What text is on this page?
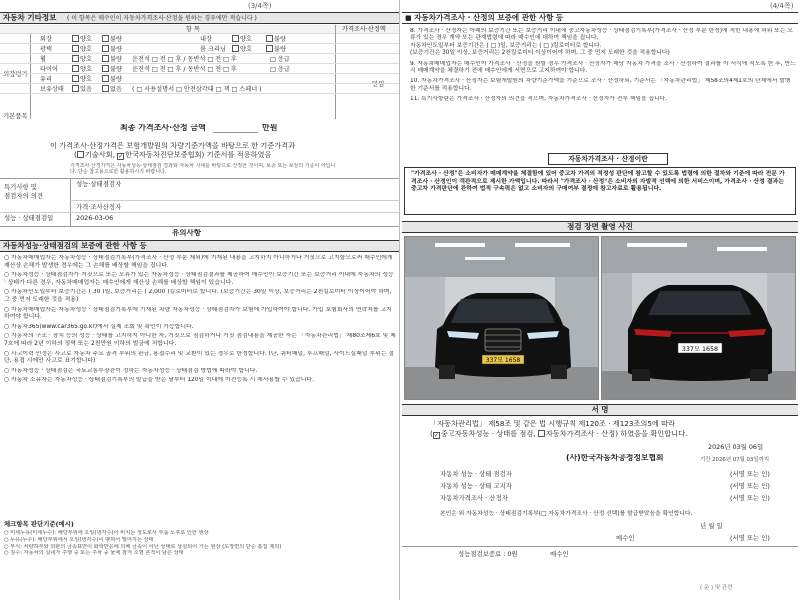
(3/4쪽)
자동차 기타정보 ( 이 항목은 매수인이 자동차가격조사·산정을 원하는 경우에만 적습니다 )
항 목	가격조사·산정액
외장평가
기본품목
만원
외장	양호	불량	내장	양호	불량
광택	양호	불량	룸 크리닝	양호	불량
휠	양호	불량 운전석 □ 전 □ 후 / 동반석 □ 전 □ 후	□ 응급
타이어	양호	불량 운전석 □ 전 □ 후 / 동반석 □ 전 □ 후	□ 응급
유리	양호	불량
보유상태	있음	없음 ( □ 사용설명서 □ 안전삼각대 □ 잭 □ 스페너 )
최종 가격조사·산정 금액	만원
이 가격조사·산정가격은 보험개발원의 차량기준가액을 바탕으로 한 기준가격과
( 기술사회, ✓ 한국자동차진단보증협회) 기준서를 적용하였음
가격조사·산정가격은 자동차성능·상태점검 결과와 자동차 시세를 바탕으로 산정한 것이며, 보증 또는 보상의 기준이 아닙니다. 단순 참고용으로만 활용하시기 바랍니다.
특기사항 및
점검자의 의견
성능·상태점검자
가격·조사산정자
성능 · 상태점검일	2026-03-06
유의사항
자동차성능·상태점검의 보증에 관한 사항 등

○ 자동차매매업자는 자동차성능 · 상태점검기록부(가격조사 · 산정 부분 제외)에 기재된 내용을 고지하지 아니하거나 거짓으로 고지함으로써 매수인에게 재산상 손해가 발생한 경우에는 그 손해를 배상할 책임을 집니다.

○ 자동차성능 · 상태점검자가 거짓으로 또는 오류가 있는 자동차성능 · 상태점검결과를 제공하여 매수인이 보증기간 또는 보증거리 이내에 자동차의 성능 · 상태가 다른 경우, 자동차매매업자는 매수인에게 재산상 손해를 배상할 책임이 있습니다.

○ 자동차인도일부터 보증기간은 ( 30 )일, 보증거리는 ( 2,000 )킬로미터로 합니다. (보증기간은 30일 이상, 보증거리는 2천킬로미터 이상이어야 하며, 그 중 먼저 도래한 것을 적용)

○ 자동차매매업자는 자동차성능 · 상태점검기록부에 기재된 차량 자동차성능 · 상태점검자가 보험에 가입하여야 합니다. 가입 보험회사의 연락처를 고지하여야 합니다.

○ 자동차365(www.car365.go.kr)에서 실제 조회 및 확인이 가능합니다.

○ 자동차의 구조 · 장치 등의 성능 · 상태를 고지하지 아니한 자, 거짓으로 점검하거나 거짓 점검내용을 제공한 자는 「자동차관리법」 제80조제6호 및 제7호에 따라 2년 이하의 징역 또는 2천만원 이하의 벌금에 처합니다.

○ 사고이력 인정은 사고로 자동차 주요 골격 부위의 판금, 용접수리 및 교환이 있는 경우로 한정합니다. (단, 쿼터패널, 루프패널, 사이드실패널 부위는 절단, 용접 시에만 사고로 표기합니다)

○ 자동차성능 · 상태점검은 국토교통부장관이 정하는 자동차성능 · 상태점검 방법에 따라야 합니다.

○ 자동차 소유자는 자동차성능 · 상태점검기록부의 발급을 받은 날부터 120일 이내에 이전등록 시 재사용할 수 있습니다.

체크항목 판단기준(예시)

○ 미세누유(미세누수): 해당부위에 오일(냉각수)이 비치는 정도로서 부품 노후로 인한 현상

○ 누유(누수): 해당부위에서 오일(냉각수)이 맺혀서 떨어지는 상태

○ 부식: 차량하부와 외판의 금속표면이 화학반응에 의해 금속이 아닌 상태로 상실되어 가는 현상 (도장면의 단순 흠집 제외)

○ 침수: 자동차의 실내가 주행 중 또는 주차 중 물에 잠겨 오염 흔적이 남은 상태

(4/4쪽)
■ 자동차가격조사 · 산정의 보증에 관한 사항 등

8. 가격조사 · 산정자는 아래의 보증기간 또는 보증거리 이내에 중고자동차성능 · 상태점검기록부(가격조사 · 산정 부분 한정)에 적힌 내용에 허위 또는 오류가 있는 경우 계약 또는 관계법령에 따라 매수인에 대하여 책임을 집니다.
자동차인도일부터 보증기간은 ( □ )일, 보증거리는 ( □ )킬로미터로 합니다.
(보증기간은 30일 이상, 보증거리는 2천킬로미터 이상이어야 하며, 그 중 먼저 도래한 것을 적용합니다)

9. 자동차매매업자는 매수인이 가격조사 · 산정을 원할 경우 가격조사 · 산정자가 해당 자동차 가격을 조사 · 산정하여 결과를 이 서식에 적도록 한 후, 반드시 매매계약을 체결하기 전에 매수인에게 서면으로 고지하여야 합니다.

10. 자동차가격조사 · 산정자는 보험개발원의 차량기준가액을 기준으로 조사 · 산정하되, 기준서는 「자동차관리법」 제58조의4제1호의 단체에서 발행한 기준서를 적용합니다.

11. 특기사항란은 가격조사 · 산정자의 의견을 적으며, 자동차가격조사 · 산정자가 전부 책임을 집니다.

자동차가격조사 · 산정이란

"가격조사 · 산정"은 소비자가 매매계약을 체결함에 있어 중고차 가격의 적정성 판단에 참고할 수 있도록 법령에 의한 절차와 기준에 따라 전문 가격조사 · 산정인이 객관적으로 제시한 가액입니다. 따라서 "가격조사 · 산정"은 소비자의 자발적 선택에 의한 서비스이며, 가격조사 · 산정 결과는 중고차 가격판단에 관하여 법적 구속력은 없고 소비자의 구매여부 결정에 참고자료로 활용됩니다.

점검 장면 촬영 사진
337모 1658
337모 1658
서 명
「자동차관리법」 제58조 및 같은 법 시행규칙 제120조 · 제123조의5에 따라
(✓ 중고자동차성능 · 상태를 점검, 자동차가격조사 · 산정) 하였음을 확인합니다.
2026년 03월 06일
(사)한국자동차공정정보협회	기간 2026년 07월 03일까지
자동차 성능 · 상태 점검자	(서명 또는 인)
자동차 성능 · 상태 고지자	(서명 또는 인)
자동차가격조사 · 산정자	(서명 또는 인)
본인은 위 자동차성능 · 상태점검기록부(□ 자동차가격조사 · 산정 선택)를 발급받았음을 확인합니다.
년 월 일
매수인	(서명 또는 인)
성능점검보증료 : 0원	매수인
( 운 ) 및 관련
